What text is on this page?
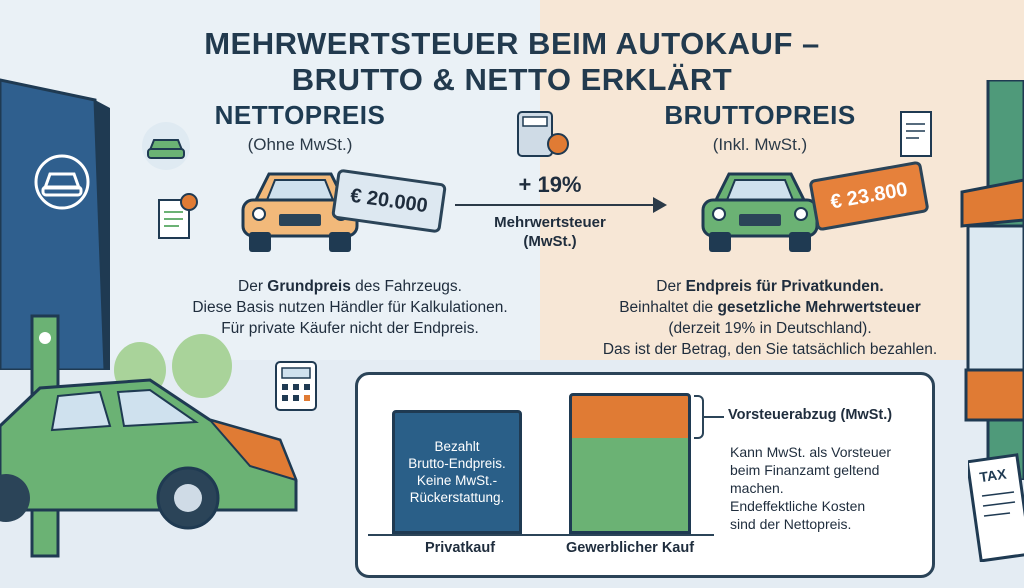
MEHRWERTSTEUER BEIM AUTOKAUF –
BRUTTO & NETTO ERKLÄRT
NETTOPREIS
(Ohne MwSt.)
BRUTTOPREIS
(Inkl. MwSt.)
€ 20.000	€ 23.800
+ 19%
Mehrwertsteuer
(MwSt.)
Der Grundpreis des Fahrzeugs.
Diese Basis nutzen Händler für Kalkulationen.
Für private Käufer nicht der Endpreis.
Der Endpreis für Privatkunden.
Beinhaltet die gesetzliche Mehrwertsteuer
(derzeit 19% in Deutschland).
Das ist der Betrag, den Sie tatsächlich bezahlen.
Bezahlt
Brutto-Endpreis.
Keine MwSt.-
Rückerstattung.
Vorsteuerabzug (MwSt.)
Kann MwSt. als Vorsteuer
beim Finanzamt geltend
machen.
Endeffektliche Kosten
sind der Nettopreis.
Privatkauf	Gewerblicher Kauf
TAX
